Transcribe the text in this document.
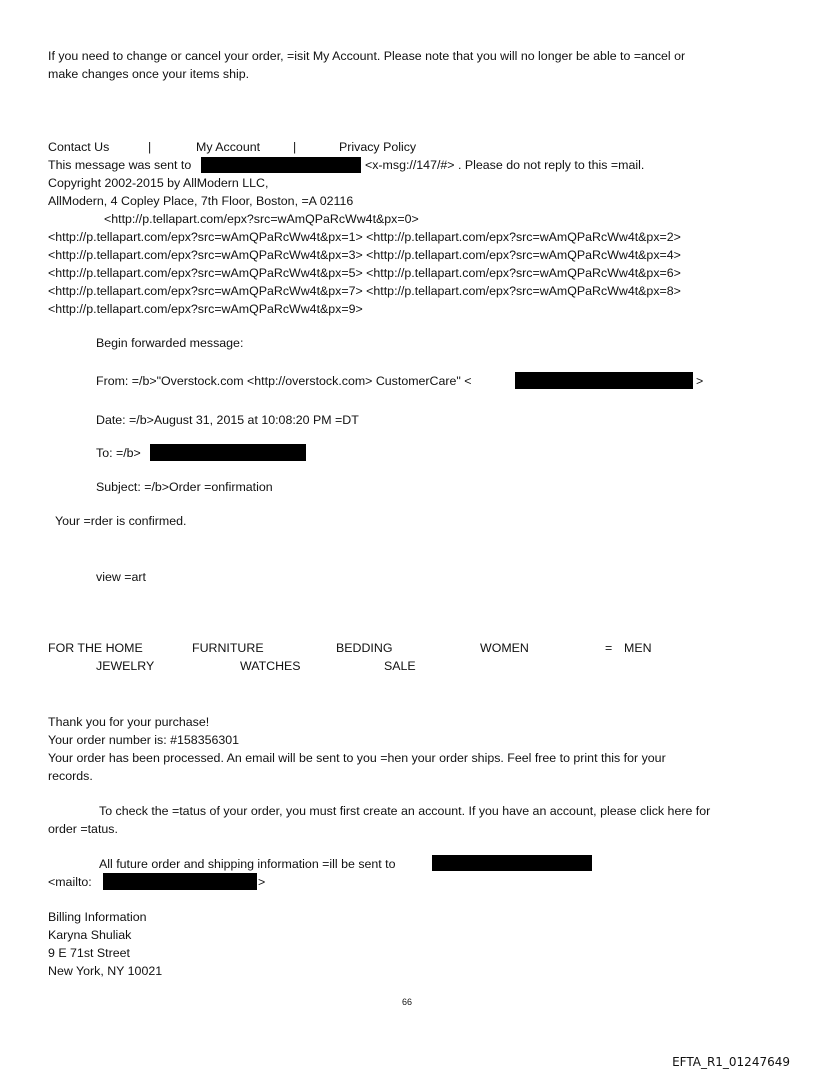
If you need to change or cancel your order, =isit My Account. Please note that you will no longer be able to =ancel or
make changes once your items ship.
Contact Us	|	My Account	|	Privacy Policy
This message was sent to	<x-msg://147/#> . Please do not reply to this =mail.
Copyright 2002-2015 by AllModern LLC,
AllModern, 4 Copley Place, 7th Floor, Boston, =A 02116
<http://p.tellapart.com/epx?src=wAmQPaRcWw4t&px=0>
<http://p.tellapart.com/epx?src=wAmQPaRcWw4t&px=1> <http://p.tellapart.com/epx?src=wAmQPaRcWw4t&px=2>
<http://p.tellapart.com/epx?src=wAmQPaRcWw4t&px=3> <http://p.tellapart.com/epx?src=wAmQPaRcWw4t&px=4>
<http://p.tellapart.com/epx?src=wAmQPaRcWw4t&px=5> <http://p.tellapart.com/epx?src=wAmQPaRcWw4t&px=6>
<http://p.tellapart.com/epx?src=wAmQPaRcWw4t&px=7> <http://p.tellapart.com/epx?src=wAmQPaRcWw4t&px=8>
<http://p.tellapart.com/epx?src=wAmQPaRcWw4t&px=9>
Begin forwarded message:
From: =/b>"Overstock.com <http://overstock.com> CustomerCare" <	>
Date: =/b>August 31, 2015 at 10:08:20 PM =DT
To: =/b>
Subject: =/b>Order =onfirmation
Your =rder is confirmed.
view =art
FOR THE HOME	FURNITURE	BEDDING	WOMEN	= MEN
JEWELRY	WATCHES	SALE
Thank you for your purchase!
Your order number is: #158356301
Your order has been processed. An email will be sent to you =hen your order ships. Feel free to print this for your
records.
To check the =tatus of your order, you must first create an account. If you have an account, please click here for
order =tatus.
All future order and shipping information =ill be sent to
<mailto:	>
Billing Information
Karyna Shuliak
9 E 71st Street
New York, NY 10021
66
EFTA_R1_01247649
